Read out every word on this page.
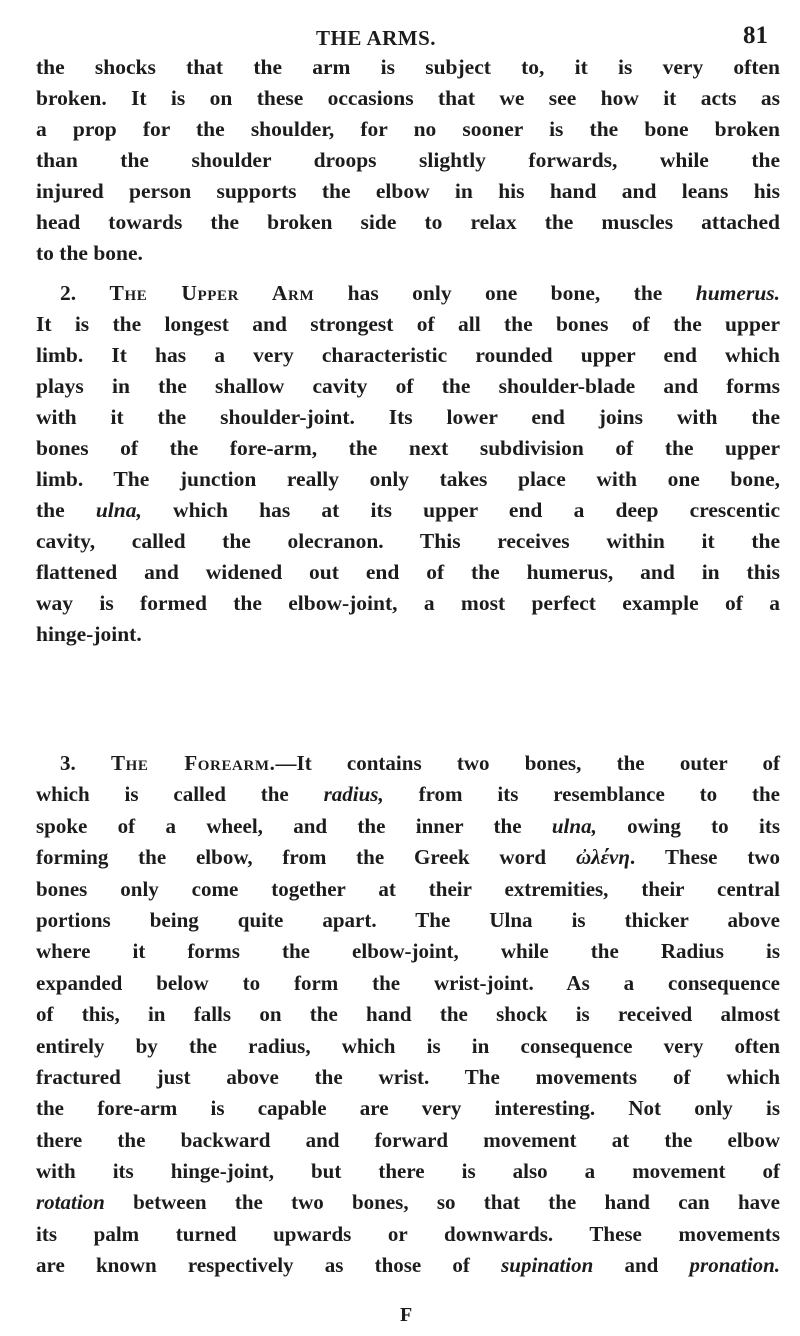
THE ARMS.	81
the shocks that the arm is subject to, it is very often
broken. It is on these occasions that we see how it acts as
a prop for the shoulder, for no sooner is the bone broken
than the shoulder droops slightly forwards, while the
injured person supports the elbow in his hand and leans his
head towards the broken side to relax the muscles attached
to the bone.
2. The Upper Arm has only one bone, the humerus.
It is the longest and strongest of all the bones of the upper
limb. It has a very characteristic rounded upper end which
plays in the shallow cavity of the shoulder-blade and forms
with it the shoulder-joint. Its lower end joins with the
bones of the fore-arm, the next subdivision of the upper
limb. The junction really only takes place with one bone,
the ulna, which has at its upper end a deep crescentic
cavity, called the olecranon. This receives within it the
flattened and widened out end of the humerus, and in this
way is formed the elbow-joint, a most perfect example of a
hinge-joint.
3. The Forearm.—It contains two bones, the outer of
which is called the radius, from its resemblance to the
spoke of a wheel, and the inner the ulna, owing to its
forming the elbow, from the Greek word ὠλένη. These two
bones only come together at their extremities, their central
portions being quite apart. The Ulna is thicker above
where it forms the elbow-joint, while the Radius is
expanded below to form the wrist-joint. As a consequence
of this, in falls on the hand the shock is received almost
entirely by the radius, which is in consequence very often
fractured just above the wrist. The movements of which
the fore-arm is capable are very interesting. Not only is
there the backward and forward movement at the elbow
with its hinge-joint, but there is also a movement of
rotation between the two bones, so that the hand can have
its palm turned upwards or downwards. These movements
are known respectively as those of supination and pronation.
F
